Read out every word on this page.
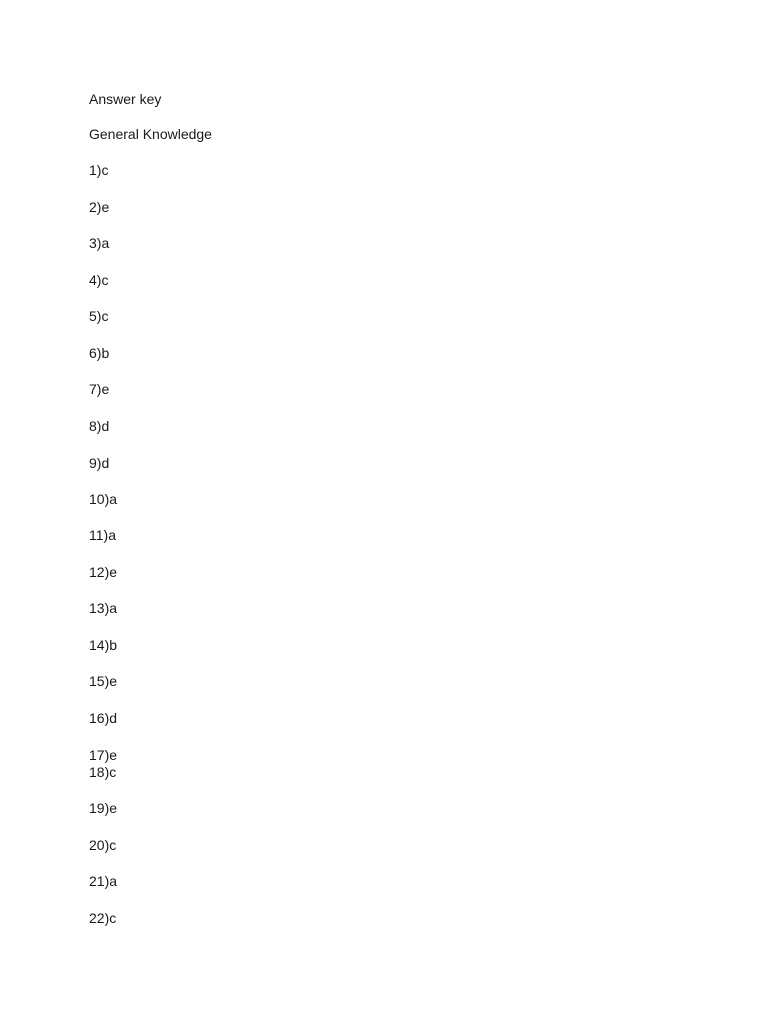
Answer key
General Knowledge
1)c
2)e
3)a
4)c
5)c
6)b
7)e
8)d
9)d
10)a
11)a
12)e
13)a
14)b
15)e
16)d
17)e
18)c
19)e
20)c
21)a
22)c
